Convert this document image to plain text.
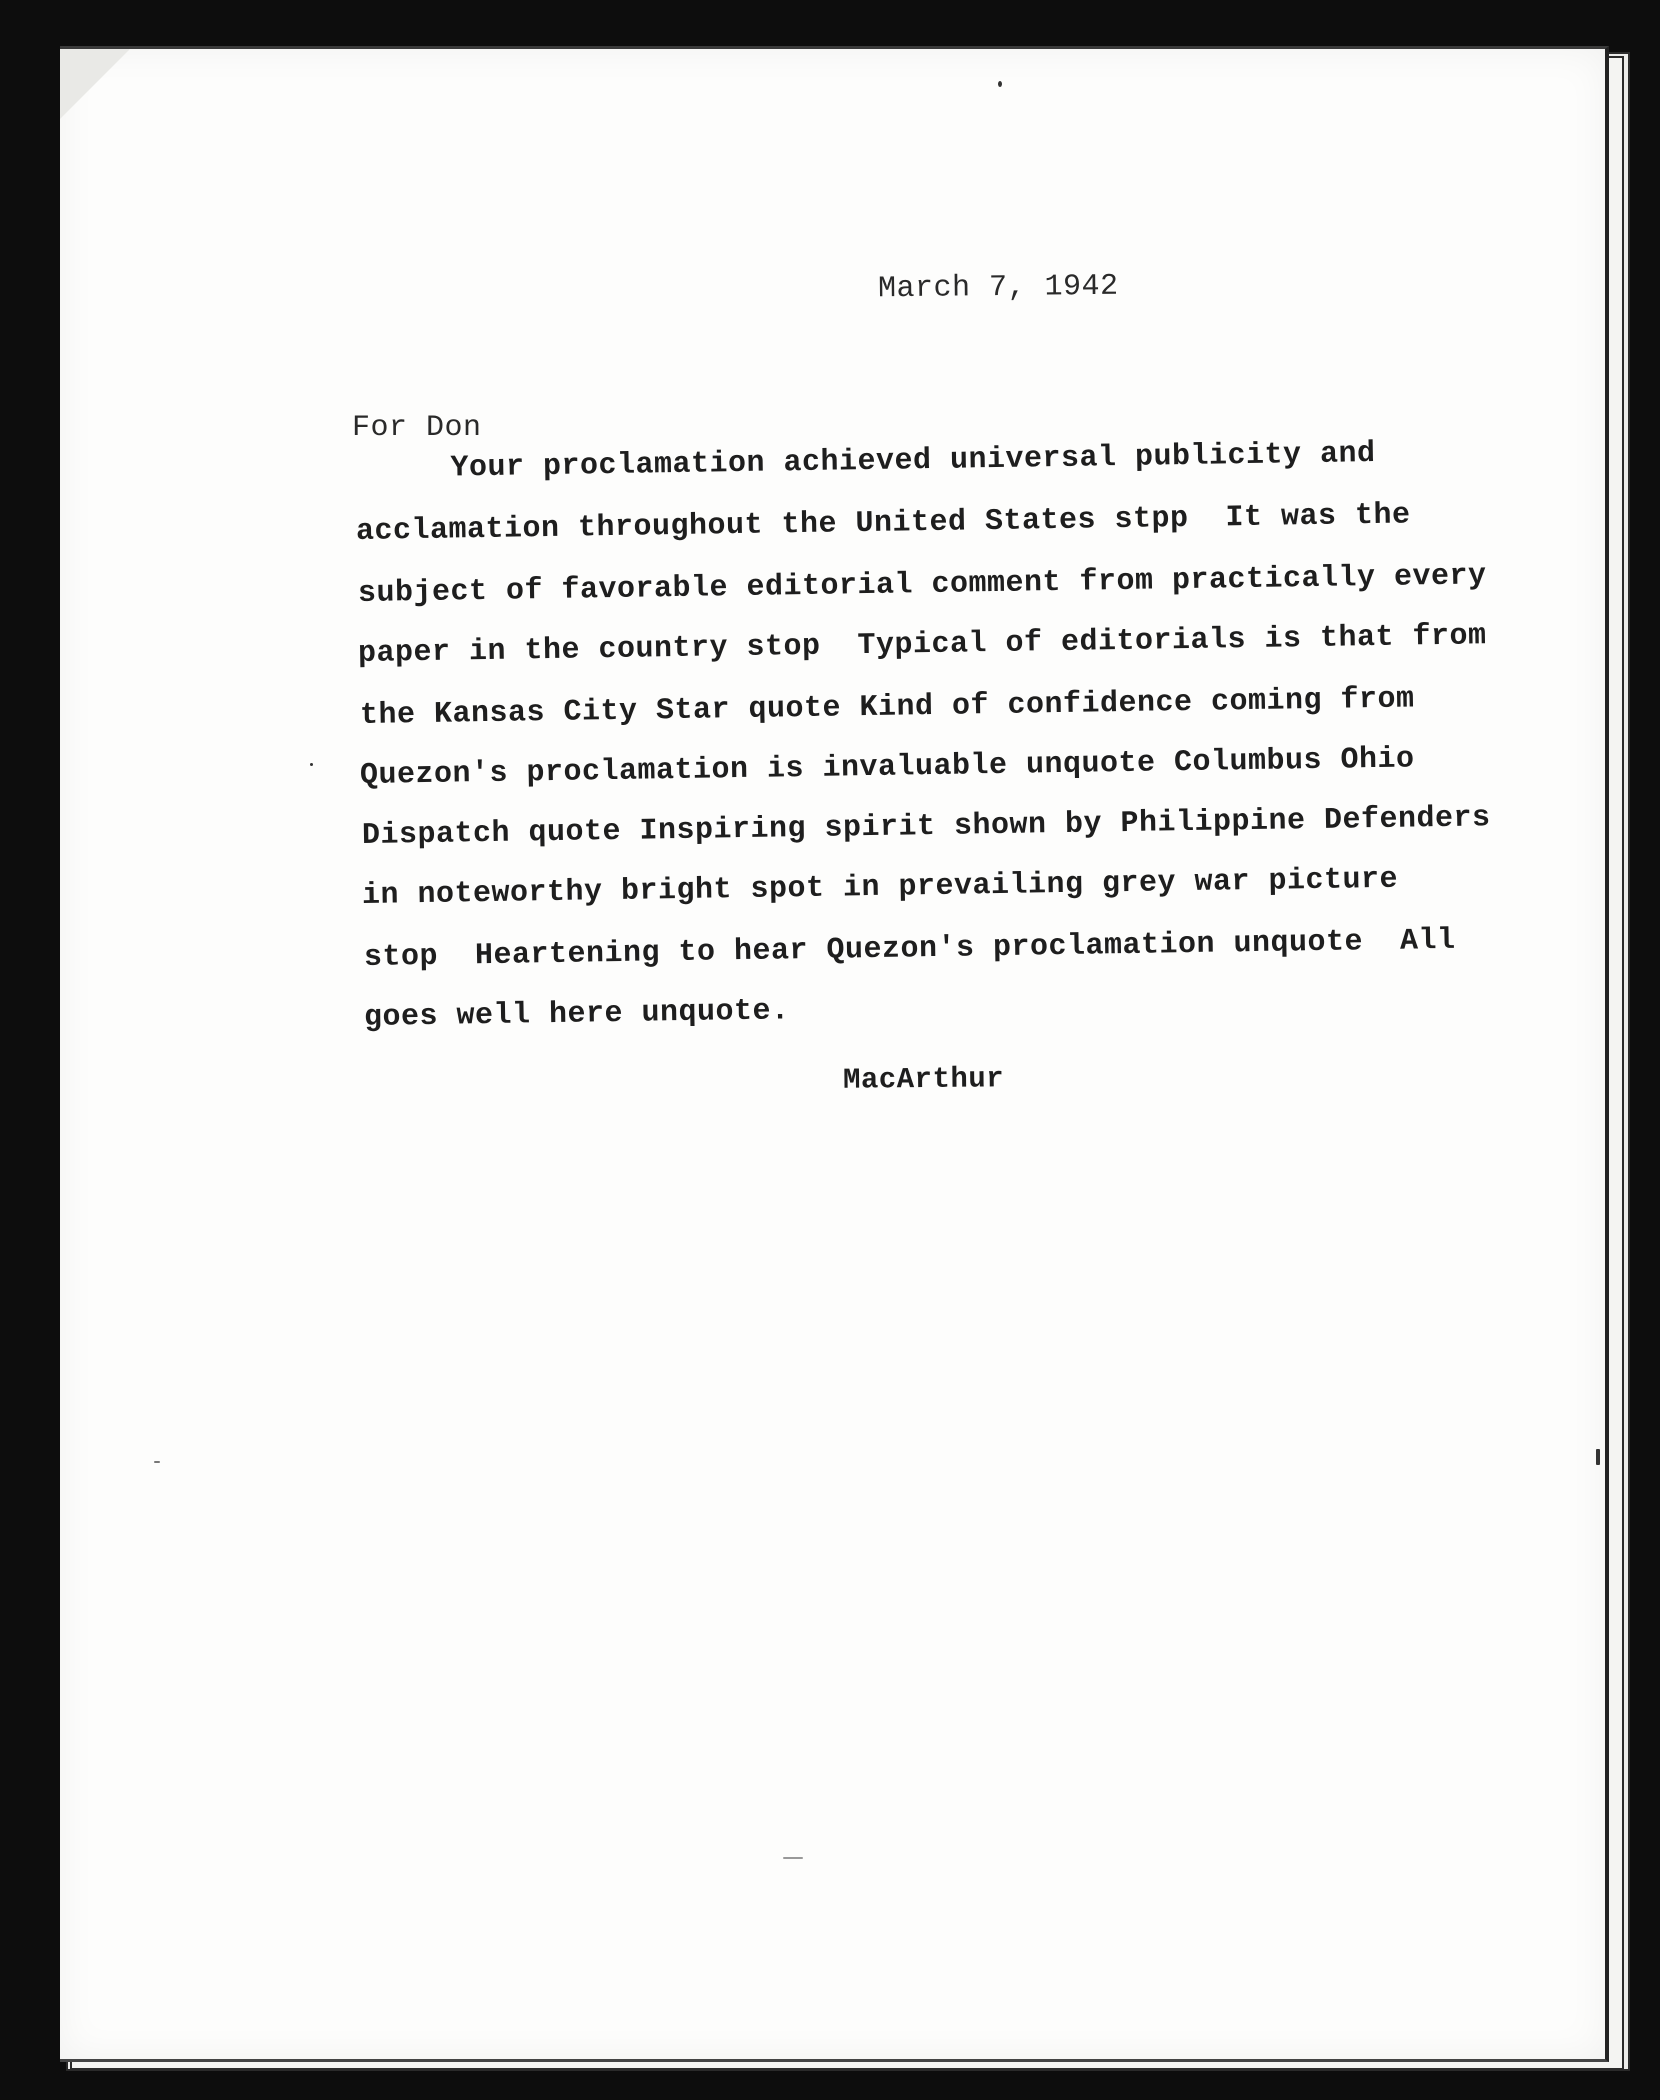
March 7, 1942
For Don
Your proclamation achieved universal publicity and
acclamation throughout the United States stpp  It was the
subject of favorable editorial comment from practically every
paper in the country stop  Typical of editorials is that from
the Kansas City Star quote Kind of confidence coming from
Quezon's proclamation is invaluable unquote Columbus Ohio
Dispatch quote Inspiring spirit shown by Philippine Defenders
in noteworthy bright spot in prevailing grey war picture
stop  Heartening to hear Quezon's proclamation unquote  All
goes well here unquote.
MacArthur
